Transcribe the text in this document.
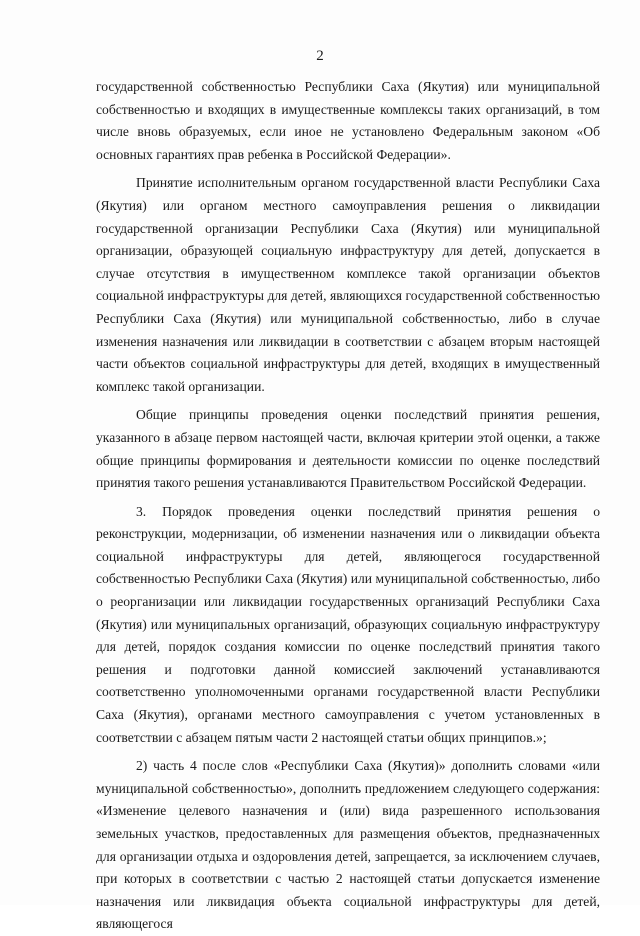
2

государственной собственностью Республики Саха (Якутия) или муниципальной собственностью и входящих в имущественные комплексы таких организаций, в том числе вновь образуемых, если иное не установлено Федеральным законом «Об основных гарантиях прав ребенка в Российской Федерации».

Принятие исполнительным органом государственной власти Республики Саха (Якутия) или органом местного самоуправления решения о ликвидации государственной организации Республики Саха (Якутия) или муниципальной организации, образующей социальную инфраструктуру для детей, допускается в случае отсутствия в имущественном комплексе такой организации объектов социальной инфраструктуры для детей, являющихся государственной собственностью Республики Саха (Якутия) или муниципальной собственностью, либо в случае изменения назначения или ликвидации в соответствии с абзацем вторым настоящей части объектов социальной инфраструктуры для детей, входящих в имущественный комплекс такой организации.

Общие принципы проведения оценки последствий принятия решения, указанного в абзаце первом настоящей части, включая критерии этой оценки, а также общие принципы формирования и деятельности комиссии по оценке последствий принятия такого решения устанавливаются Правительством Российской Федерации.

3. Порядок проведения оценки последствий принятия решения о реконструкции, модернизации, об изменении назначения или о ликвидации объекта социальной инфраструктуры для детей, являющегося государственной собственностью Республики Саха (Якутия) или муниципальной собственностью, либо о реорганизации или ликвидации государственных организаций Республики Саха (Якутия) или муниципальных организаций, образующих социальную инфраструктуру для детей, порядок создания комиссии по оценке последствий принятия такого решения и подготовки данной комиссией заключений устанавливаются соответственно уполномоченными органами государственной власти Республики Саха (Якутия), органами местного самоуправления с учетом установленных в соответствии с абзацем пятым части 2 настоящей статьи общих принципов.»;

2) часть 4 после слов «Республики Саха (Якутия)» дополнить словами «или муниципальной собственностью», дополнить предложением следующего содержания: «Изменение целевого назначения и (или) вида разрешенного использования земельных участков, предоставленных для размещения объектов, предназначенных для организации отдыха и оздоровления детей, запрещается, за исключением случаев, при которых в соответствии с частью 2 настоящей статьи допускается изменение назначения или ликвидация объекта социальной инфраструктуры для детей, являющегося
